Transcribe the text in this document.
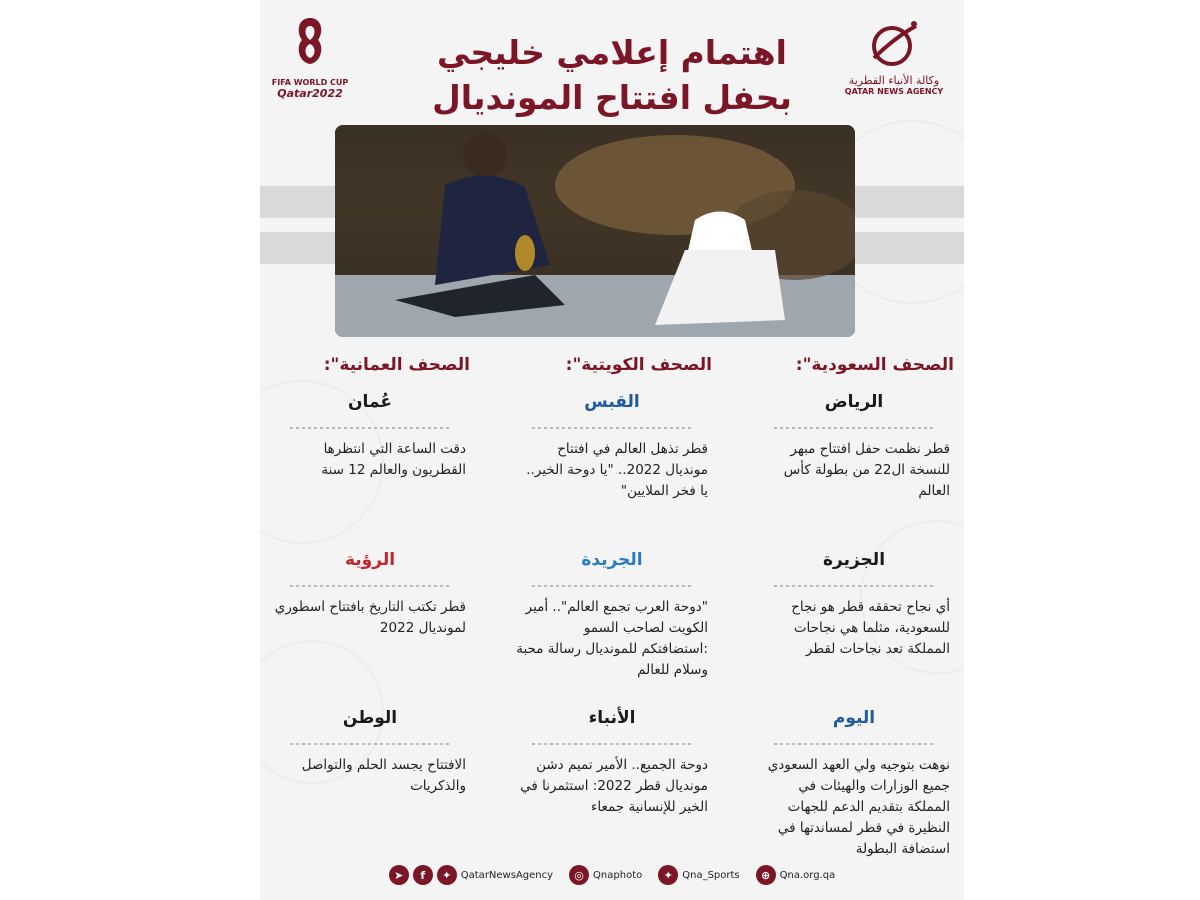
FIFA WORLD CUP
Qatar2022
وكالة الأنباء القطرية
QATAR NEWS AGENCY
اهتمام إعلامي خليجي
بحفل افتتاح المونديال
الصحف السعودية":
الرياض
قطر نظمت حفل افتتاح مبهر للنسخة ال22 من بطولة كأس العالم
الجزيرة
أي نجاح تحققه قطر هو نجاح للسعودية، مثلما هي نجاحات المملكة تعد نجاحات لقطر
اليوم
نوهت بتوجيه ولي العهد السعودي جميع الوزارات والهيئات في المملكة بتقديم الدعم للجهات النظيرة في قطر لمساندتها في استضافة البطولة
الصحف الكويتية":
القبس
قطر تذهل العالم في افتتاح مونديال 2022.. "يا دوحة الخير.. يا فخر الملايين"
الجريدة
"دوحة العرب تجمع العالم".. أمير الكويت لصاحب السمو :استضافتكم للمونديال رسالة محبة وسلام للعالم
الأنباء
دوحة الجميع.. الأمير تميم دشن مونديال قطر 2022: استثمرنا في الخير للإنسانية جمعاء
الصحف العمانية":
عُمان
دقت الساعة التي انتظرها القطريون والعالم 12 سنة
الرؤية
قطر تكتب التاريخ بافتتاح اسطوري لمونديال 2022
الوطن
الافتتاح يجسد الحلم والتواصل والذكريات
➤	f	✦ QatarNewsAgency	◎ Qnaphoto	✦ Qna_Sports	⊕ Qna.org.qa
